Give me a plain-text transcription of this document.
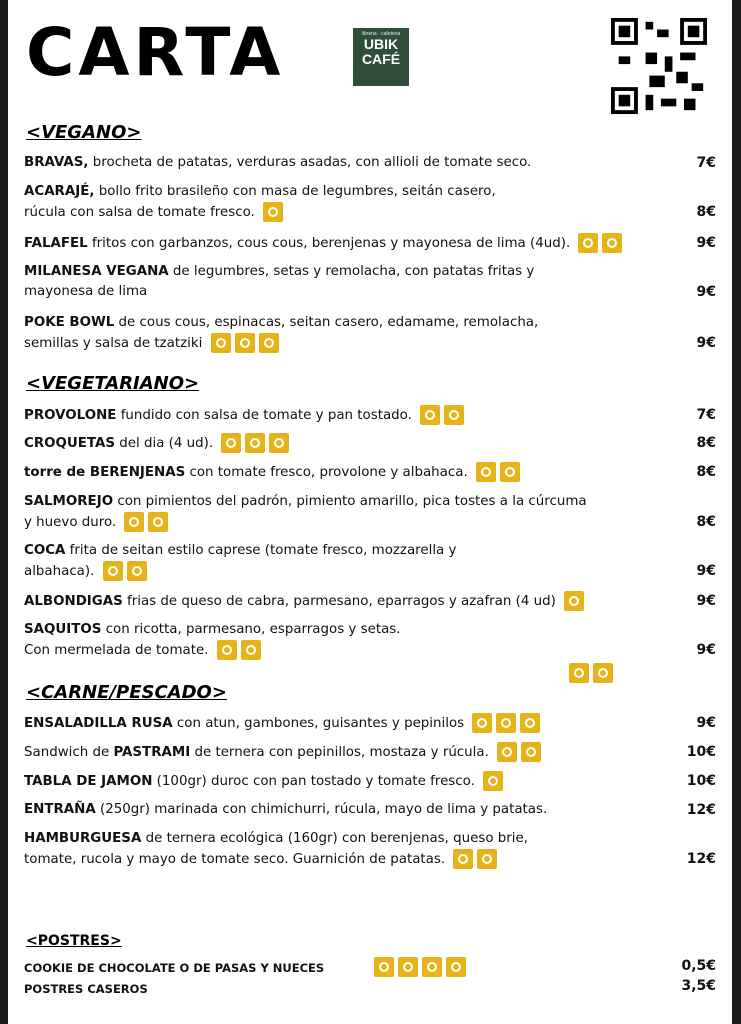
CARTA	libreria · cafeteria
UBIK
CAFÉ
<VEGANO>
BRAVAS, brocheta de patatas, verduras asadas, con allioli de tomate seco.	7€
ACARAJÉ, bollo frito brasileño con masa de legumbres, seitán casero,
rúcula con salsa de tomate fresco.	8€
FALAFEL fritos con garbanzos, cous cous, berenjenas y mayonesa de lima (4ud).	9€
MILANESA VEGANA de legumbres, setas y remolacha, con patatas fritas y
mayonesa de lima	9€
POKE BOWL de cous cous, espinacas, seitan casero, edamame, remolacha,
semillas y salsa de tzatziki	9€
<VEGETARIANO>
PROVOLONE fundido con salsa de tomate y pan tostado.	7€
CROQUETAS del dia (4 ud).	8€
torre de BERENJENAS con tomate fresco, provolone y albahaca.	8€
SALMOREJO con pimientos del padrón, pimiento amarillo, pica tostes a la cúrcuma
y huevo duro.	8€
COCA frita de seitan estilo caprese (tomate fresco, mozzarella y
albahaca).	9€
ALBONDIGAS frias de queso de cabra, parmesano, eparragos y azafran (4 ud)	9€
SAQUITOS con ricotta, parmesano, esparragos y setas.
Con mermelada de tomate.	9€
<CARNE/PESCADO>
ENSALADILLA RUSA con atun, gambones, guisantes y pepinilos	9€
Sandwich de PASTRAMI de ternera con pepinillos, mostaza y rúcula.	10€
TABLA DE JAMON (100gr) duroc con pan tostado y tomate fresco.	10€
ENTRAÑA (250gr) marinada con chimichurri, rúcula, mayo de lima y patatas.	12€
HAMBURGUESA de ternera ecológica (160gr) con berenjenas, queso brie,
tomate, rucola y mayo de tomate seco. Guarnición de patatas.	12€
<POSTRES>
COOKIE DE CHOCOLATE O DE PASAS Y NUECES	0,5€
POSTRES CASEROS	3,5€
